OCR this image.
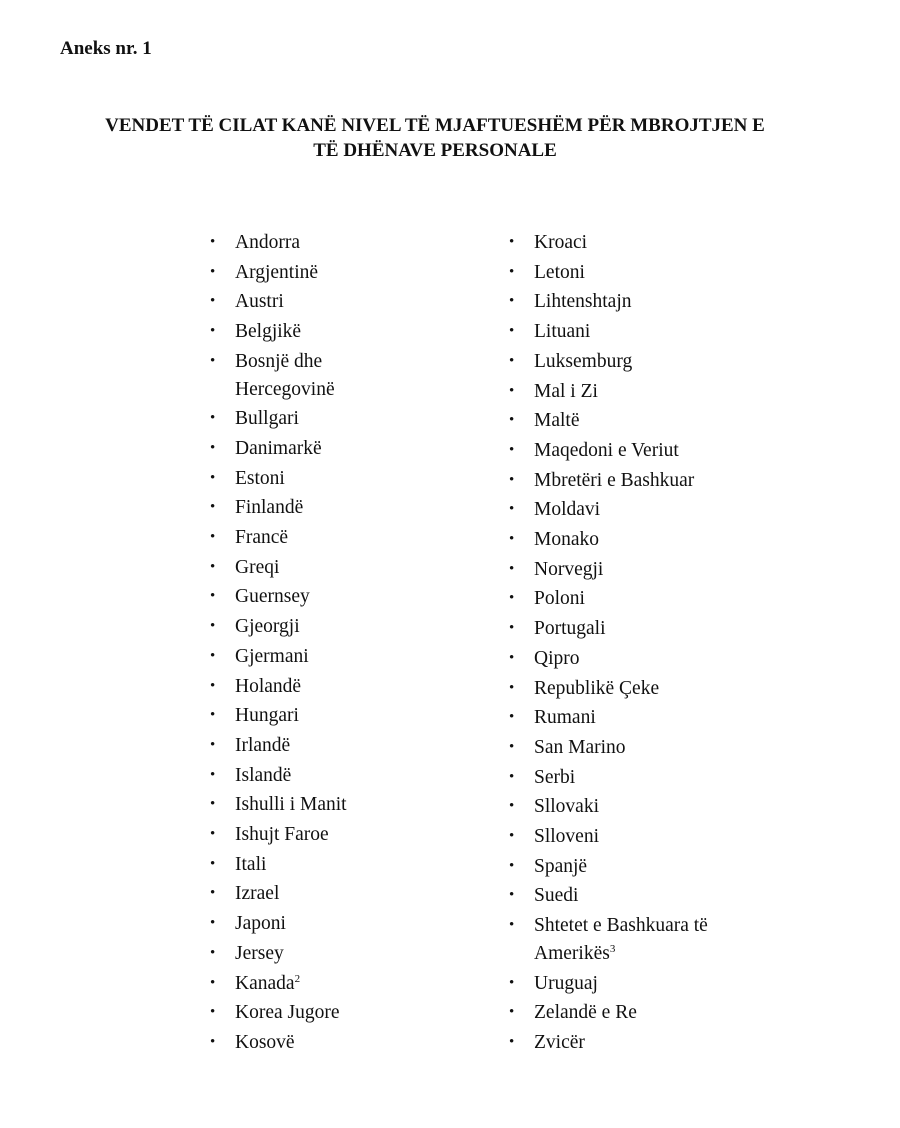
Aneks nr. 1

VENDET TË CILAT KANË NIVEL TË MJAFTUESHËM PËR MBROJTJEN E
TË DHËNAVE PERSONALE
• Andorra
• Argjentinë
• Austri
• Belgjikë
• Bosnjë dhe
Hercegovinë
• Bullgari
• Danimarkë
• Estoni
• Finlandë
• Francë
• Greqi
• Guernsey
• Gjeorgji
• Gjermani
• Holandë
• Hungari
• Irlandë
• Islandë
• Ishulli i Manit
• Ishujt Faroe
• Itali
• Izrael
• Japoni
• Jersey
• Kanada$^2$
• Korea Jugore
• Kosovë
• Kroaci
• Letoni
• Lihtenshtajn
• Lituani
• Luksemburg
• Mal i Zi
• Maltë
• Maqedoni e Veriut
• Mbretëri e Bashkuar
• Moldavi
• Monako
• Norvegji
• Poloni
• Portugali
• Qipro
• Republikë Çeke
• Rumani
• San Marino
• Serbi
• Sllovaki
• Slloveni
• Spanjë
• Suedi
• Shtetet e Bashkuara të
Amerikës$^3$
• Uruguaj
• Zelandë e Re
• Zvicër
